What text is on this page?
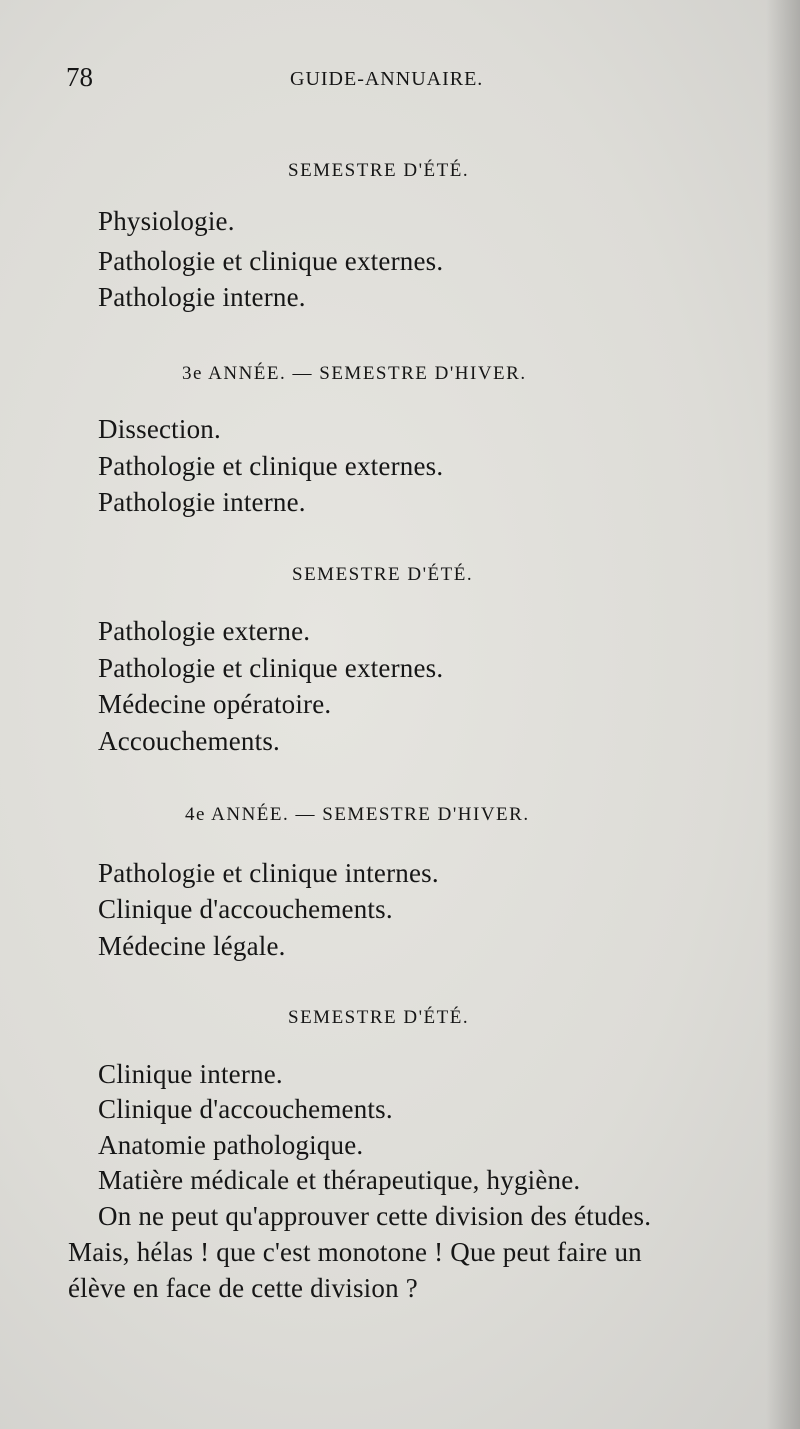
78	GUIDE-ANNUAIRE.
SEMESTRE D'ÉTÉ.
Physiologie.
Pathologie et clinique externes.
Pathologie interne.
3e ANNÉE. — SEMESTRE D'HIVER.
Dissection.
Pathologie et clinique externes.
Pathologie interne.
SEMESTRE D'ÉTÉ.
Pathologie externe.
Pathologie et clinique externes.
Médecine opératoire.
Accouchements.
4e ANNÉE. — SEMESTRE D'HIVER.
Pathologie et clinique internes.
Clinique d'accouchements.
Médecine légale.
SEMESTRE D'ÉTÉ.
Clinique interne.
Clinique d'accouchements.
Anatomie pathologique.
Matière médicale et thérapeutique, hygiène.
On ne peut qu'approuver cette division des études.
Mais, hélas ! que c'est monotone ! Que peut faire un
élève en face de cette division ?
